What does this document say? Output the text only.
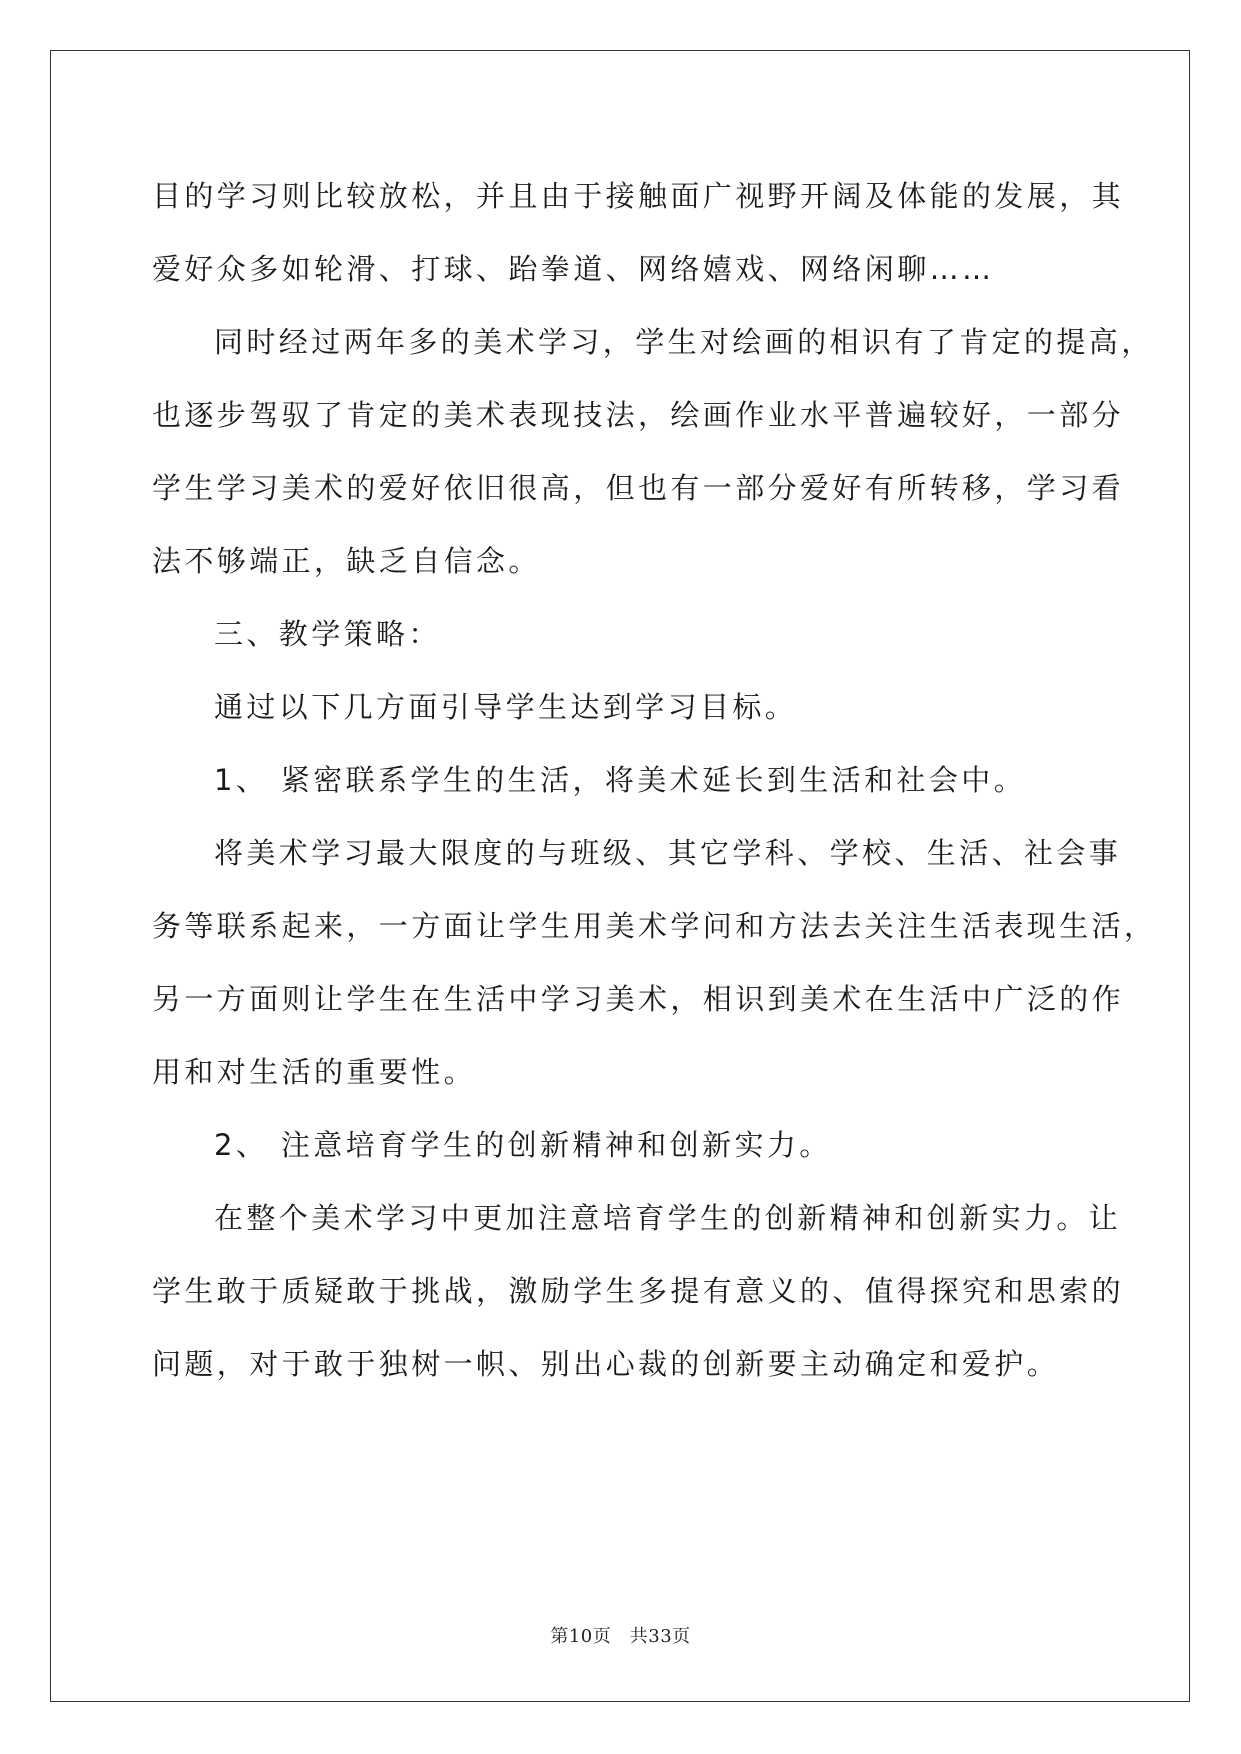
目的学习则比较放松，并且由于接触面广视野开阔及体能的发展，其

爱好众多如轮滑、打球、跆拳道、网络嬉戏、网络闲聊……

同时经过两年多的美术学习，学生对绘画的相识有了肯定的提高，

也逐步驾驭了肯定的美术表现技法，绘画作业水平普遍较好，一部分

学生学习美术的爱好依旧很高，但也有一部分爱好有所转移，学习看

法不够端正，缺乏自信念。

三、教学策略：

通过以下几方面引导学生达到学习目标。

1、 紧密联系学生的生活，将美术延长到生活和社会中。

将美术学习最大限度的与班级、其它学科、学校、生活、社会事

务等联系起来，一方面让学生用美术学问和方法去关注生活表现生活，

另一方面则让学生在生活中学习美术，相识到美术在生活中广泛的作

用和对生活的重要性。

2、 注意培育学生的创新精神和创新实力。

在整个美术学习中更加注意培育学生的创新精神和创新实力。让

学生敢于质疑敢于挑战，激励学生多提有意义的、值得探究和思索的

问题，对于敢于独树一帜、别出心裁的创新要主动确定和爱护。

第10页　共33页
